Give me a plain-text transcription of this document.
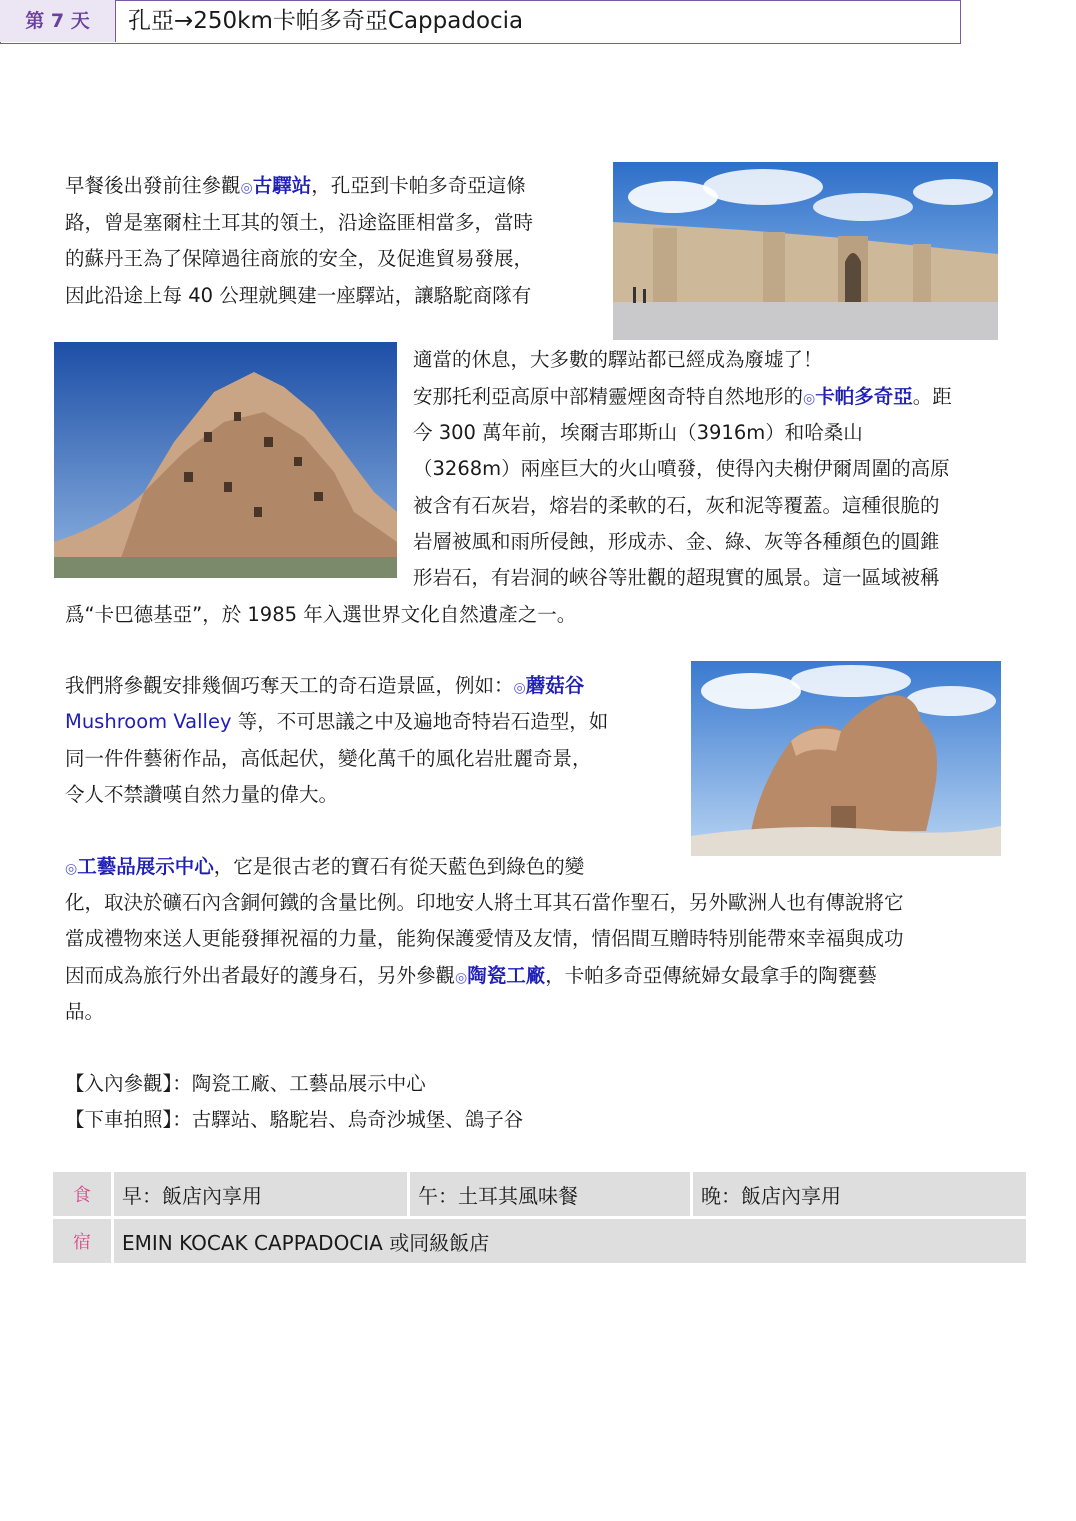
第 7 天	孔亞→250km卡帕多奇亞Cappadocia
早餐後出發前往參觀◎古驛站，孔亞到卡帕多奇亞這條
路，曾是塞爾柱土耳其的領土，沿途盜匪相當多，當時
的蘇丹王為了保障過往商旅的安全，及促進貿易發展，
因此沿途上每 40 公理就興建一座驛站，讓駱駝商隊有
適當的休息，大多數的驛站都已經成為廢墟了！
安那托利亞高原中部精靈煙囪奇特自然地形的◎卡帕多奇亞。距
今 300 萬年前，埃爾吉耶斯山（3916m）和哈桑山
（3268m）兩座巨大的火山噴發，使得內夫榭伊爾周圍的高原
被含有石灰岩，熔岩的柔軟的石，灰和泥等覆蓋。這種很脆的
岩層被風和雨所侵蝕，形成赤、金、綠、灰等各種顏色的圓錐
形岩石，有岩洞的峽谷等壯觀的超現實的風景。這一區域被稱
爲“卡巴德基亞”，於 1985 年入選世界文化自然遺產之一。
我們將參觀安排幾個巧奪天工的奇石造景區，例如：◎蘑菇谷
Mushroom Valley 等，不可思議之中及遍地奇特岩石造型，如
同一件件藝術作品，高低起伏，變化萬千的風化岩壯麗奇景，
令人不禁讚嘆自然力量的偉大。
◎工藝品展示中心，它是很古老的寶石有從天藍色到綠色的變
化，取決於礦石內含銅何鐵的含量比例。印地安人將土耳其石當作聖石，另外歐洲人也有傳說將它
當成禮物來送人更能發揮祝福的力量，能夠保護愛情及友情，情侶間互贈時特別能帶來幸福與成功
因而成為旅行外出者最好的護身石，另外參觀◎陶瓷工廠，卡帕多奇亞傳統婦女最拿手的陶甕藝
品。
【入內參觀】：陶瓷工廠、工藝品展示中心
【下車拍照】：古驛站、駱駝岩、烏奇沙城堡、鴿子谷
食	早：飯店內享用	午：土耳其風味餐	晚：飯店內享用
宿	EMIN KOCAK CAPPADOCIA 或同級飯店		
